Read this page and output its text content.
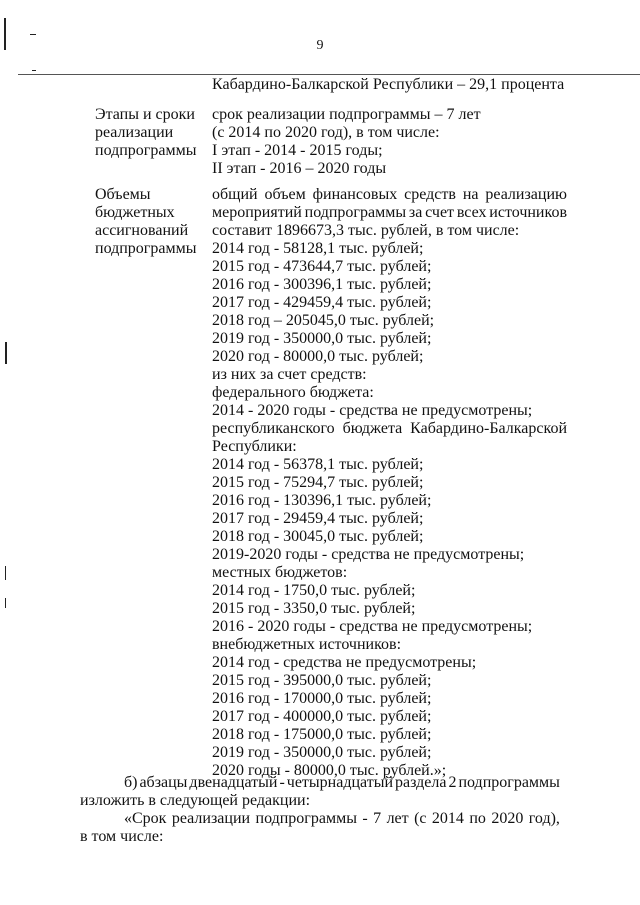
9
Кабардино-Балкарской Республики – 29,1 процента
Этапы и сроки
реализации
подпрограммы
срок реализации подпрограммы – 7 лет
(с 2014 по 2020 год), в том числе:
I этап - 2014 - 2015 годы;
II этап - 2016 – 2020 годы
Объемы
бюджетных
ассигнований
подпрограммы
общий объем финансовых средств на реализацию
мероприятий подпрограммы за счет всех источников
составит 1896673,3 тыс. рублей, в том числе:
2014 год - 58128,1 тыс. рублей;
2015 год - 473644,7 тыс. рублей;
2016 год - 300396,1 тыс. рублей;
2017 год - 429459,4 тыс. рублей;
2018 год – 205045,0 тыс. рублей;
2019 год - 350000,0 тыс. рублей;
2020 год - 80000,0 тыс. рублей;
из них за счет средств:
федерального бюджета:
2014 - 2020 годы - средства не предусмотрены;
республиканского бюджета Кабардино-Балкарской
Республики:
2014 год - 56378,1 тыс. рублей;
2015 год - 75294,7 тыс. рублей;
2016 год - 130396,1 тыс. рублей;
2017 год - 29459,4 тыс. рублей;
2018 год - 30045,0 тыс. рублей;
2019-2020 годы - средства не предусмотрены;
местных бюджетов:
2014 год - 1750,0 тыс. рублей;
2015 год - 3350,0 тыс. рублей;
2016 - 2020 годы - средства не предусмотрены;
внебюджетных источников:
2014 год - средства не предусмотрены;
2015 год - 395000,0 тыс. рублей;
2016 год - 170000,0 тыс. рублей;
2017 год - 400000,0 тыс. рублей;
2018 год - 175000,0 тыс. рублей;
2019 год - 350000,0 тыс. рублей;
2020 годы - 80000,0 тыс. рублей.»;
б) абзацы двенадцатый - четырнадцатый раздела 2 подпрограммы
изложить в следующей редакции:
«Срок реализации подпрограммы - 7 лет (с 2014 по 2020 год),
в том числе:
